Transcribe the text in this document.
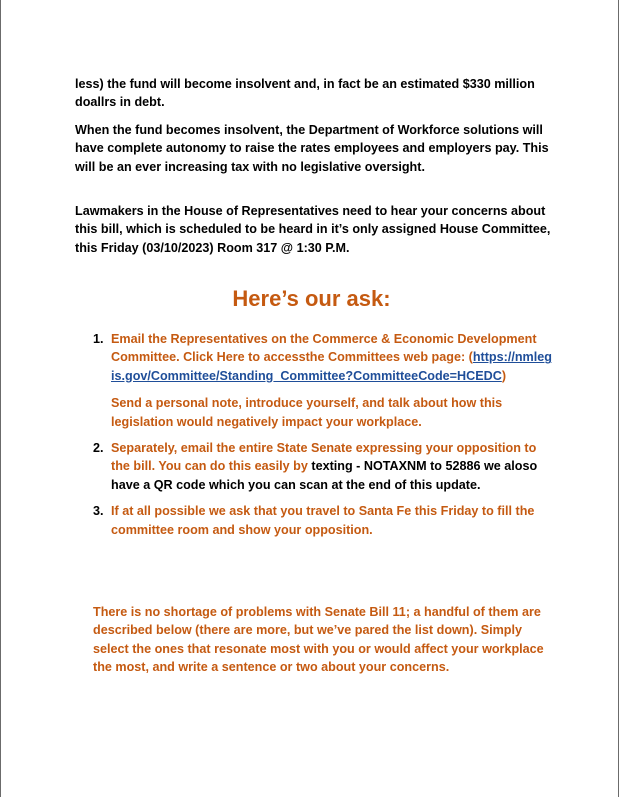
less) the fund will become insolvent and, in fact be an estimated $330 million doallrs in debt.

When the fund becomes insolvent, the Department of Workforce solutions will have complete autonomy to raise the rates employees and employers pay. This will be an ever increasing tax with no legislative oversight.

Lawmakers in the House of Representatives need to hear your concerns about this bill, which is scheduled to be heard in it’s only assigned House Committee, this Friday (03/10/2023) Room 317 @ 1:30 P.M.

Here’s our ask:
1. Email the Representatives on the Commerce & Economic Development Committee. Click Here to accessthe Committees web page: (https://nmlegis.gov/Committee/Standing_Committee?CommitteeCode=HCEDC)
Send a personal note, introduce yourself, and talk about how this legislation would negatively impact your workplace.
2. Separately, email the entire State Senate expressing your opposition to the bill. You can do this easily by texting - NOTAXNM to 52886 we aloso have a QR code which you can scan at the end of this update.
3. If at all possible we ask that you travel to Santa Fe this Friday to fill the committee room and show your opposition.

There is no shortage of problems with Senate Bill 11; a handful of them are described below (there are more, but we’ve pared the list down). Simply select the ones that resonate most with you or would affect your workplace the most, and write a sentence or two about your concerns.
